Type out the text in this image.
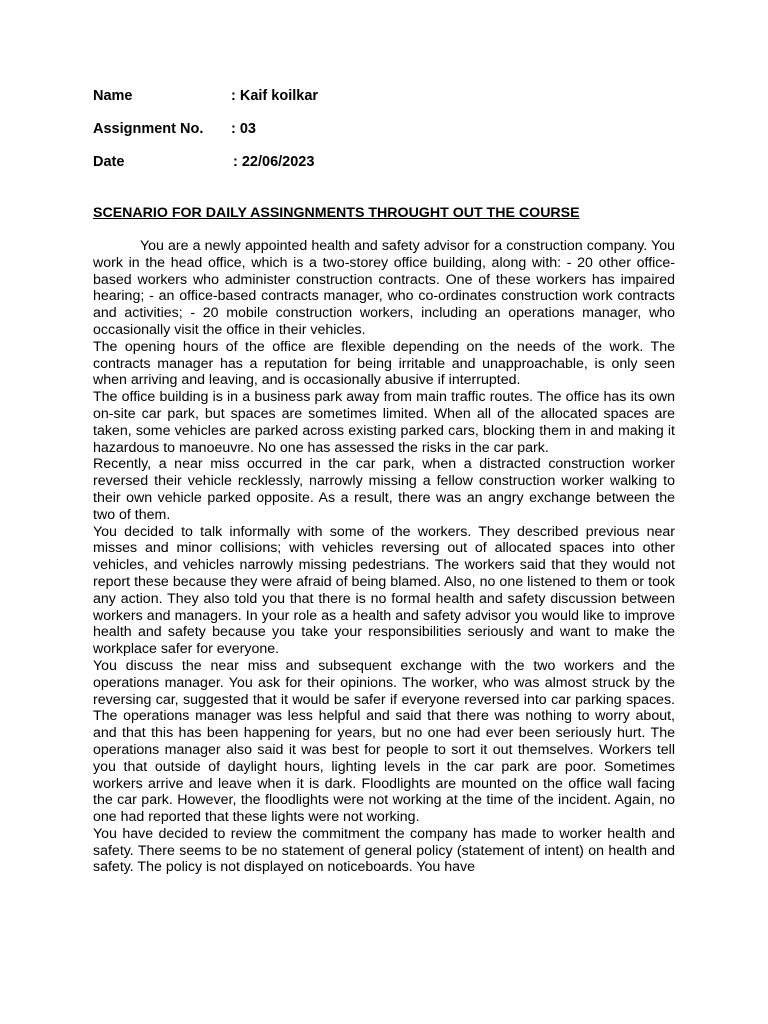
Name	: Kaif koilkar
Assignment No. : 03
Date	: 22/06/2023
SCENARIO FOR DAILY ASSINGNMENTS THROUGHT OUT THE COURSE

You are a newly appointed health and safety advisor for a construction company. You work in the head office, which is a two-storey office building, along with: - 20 other office-based workers who administer construction contracts. One of these workers has impaired hearing; - an office-based contracts manager, who co-ordinates construction work contracts and activities; - 20 mobile construction workers, including an operations manager, who occasionally visit the office in their vehicles.

The opening hours of the office are flexible depending on the needs of the work. The contracts manager has a reputation for being irritable and unapproachable, is only seen when arriving and leaving, and is occasionally abusive if interrupted.

The office building is in a business park away from main traffic routes. The office has its own on-site car park, but spaces are sometimes limited. When all of the allocated spaces are taken, some vehicles are parked across existing parked cars, blocking them in and making it hazardous to manoeuvre. No one has assessed the risks in the car park.

Recently, a near miss occurred in the car park, when a distracted construction worker reversed their vehicle recklessly, narrowly missing a fellow construction worker walking to their own vehicle parked opposite. As a result, there was an angry exchange between the two of them.

You decided to talk informally with some of the workers. They described previous near misses and minor collisions; with vehicles reversing out of allocated spaces into other vehicles, and vehicles narrowly missing pedestrians. The workers said that they would not report these because they were afraid of being blamed. Also, no one listened to them or took any action. They also told you that there is no formal health and safety discussion between workers and managers. In your role as a health and safety advisor you would like to improve health and safety because you take your responsibilities seriously and want to make the workplace safer for everyone.

You discuss the near miss and subsequent exchange with the two workers and the operations manager. You ask for their opinions. The worker, who was almost struck by the reversing car, suggested that it would be safer if everyone reversed into car parking spaces. The operations manager was less helpful and said that there was nothing to worry about, and that this has been happening for years, but no one had ever been seriously hurt. The operations manager also said it was best for people to sort it out themselves. Workers tell you that outside of daylight hours, lighting levels in the car park are poor. Sometimes workers arrive and leave when it is dark. Floodlights are mounted on the office wall facing the car park. However, the floodlights were not working at the time of the incident. Again, no one had reported that these lights were not working.

You have decided to review the commitment the company has made to worker health and safety. There seems to be no statement of general policy (statement of intent) on health and safety. The policy is not displayed on noticeboards. You have
